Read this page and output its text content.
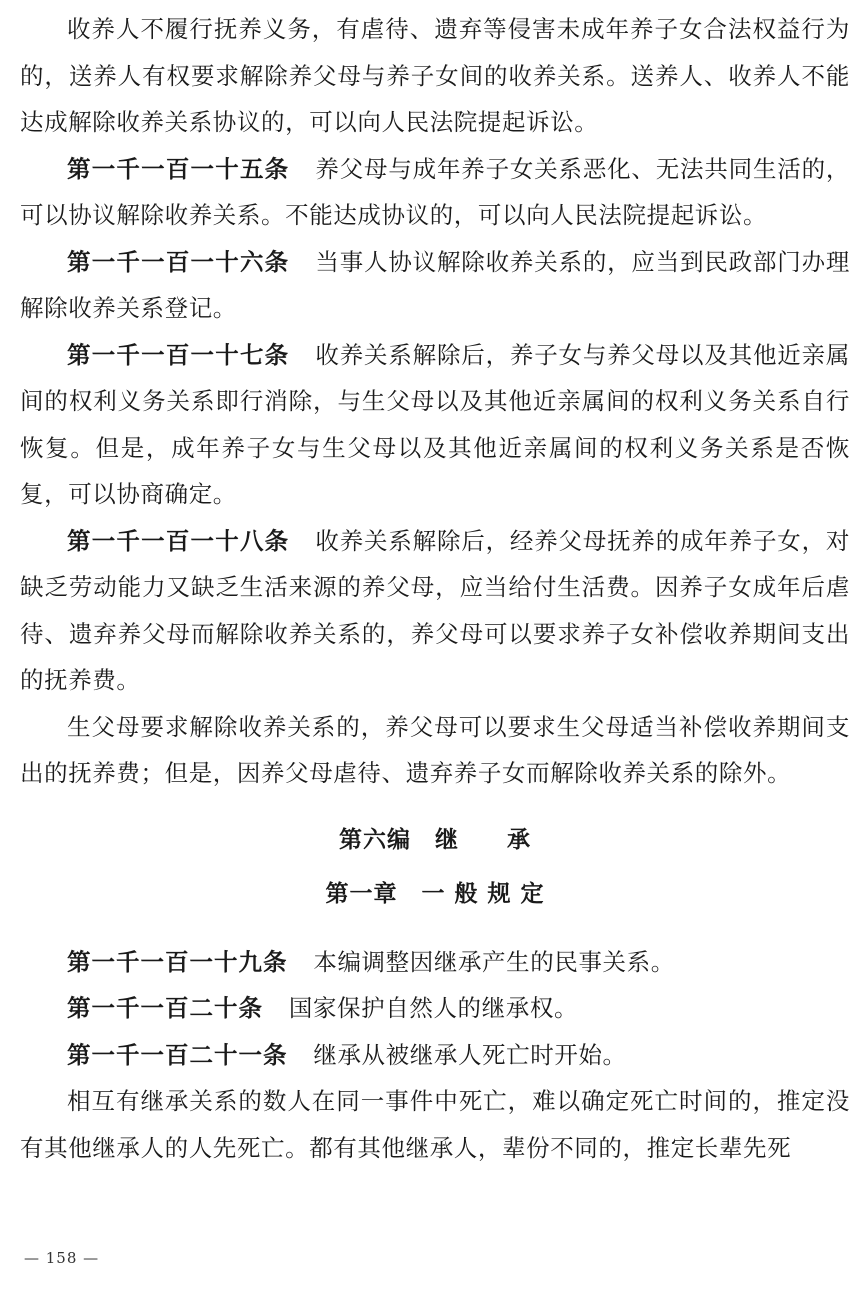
收养人不履行抚养义务，有虐待、遗弃等侵害未成年养子女合法权益行为的，送养人有权要求解除养父母与养子女间的收养关系。送养人、收养人不能达成解除收养关系协议的，可以向人民法院提起诉讼。

第一千一百一十五条 养父母与成年养子女关系恶化、无法共同生活的，可以协议解除收养关系。不能达成协议的，可以向人民法院提起诉讼。

第一千一百一十六条 当事人协议解除收养关系的，应当到民政部门办理解除收养关系登记。

第一千一百一十七条 收养关系解除后，养子女与养父母以及其他近亲属间的权利义务关系即行消除，与生父母以及其他近亲属间的权利义务关系自行恢复。但是，成年养子女与生父母以及其他近亲属间的权利义务关系是否恢复，可以协商确定。

第一千一百一十八条 收养关系解除后，经养父母抚养的成年养子女，对缺乏劳动能力又缺乏生活来源的养父母，应当给付生活费。因养子女成年后虐待、遗弃养父母而解除收养关系的，养父母可以要求养子女补偿收养期间支出的抚养费。

生父母要求解除收养关系的，养父母可以要求生父母适当补偿收养期间支出的抚养费；但是，因养父母虐待、遗弃养子女而解除收养关系的除外。

第六编　继　　承
第一章　一 般 规 定

第一千一百一十九条 本编调整因继承产生的民事关系。

第一千一百二十条 国家保护自然人的继承权。

第一千一百二十一条 继承从被继承人死亡时开始。

相互有继承关系的数人在同一事件中死亡，难以确定死亡时间的，推定没有其他继承人的人先死亡。都有其他继承人，辈份不同的，推定长辈先死

— 158 —
